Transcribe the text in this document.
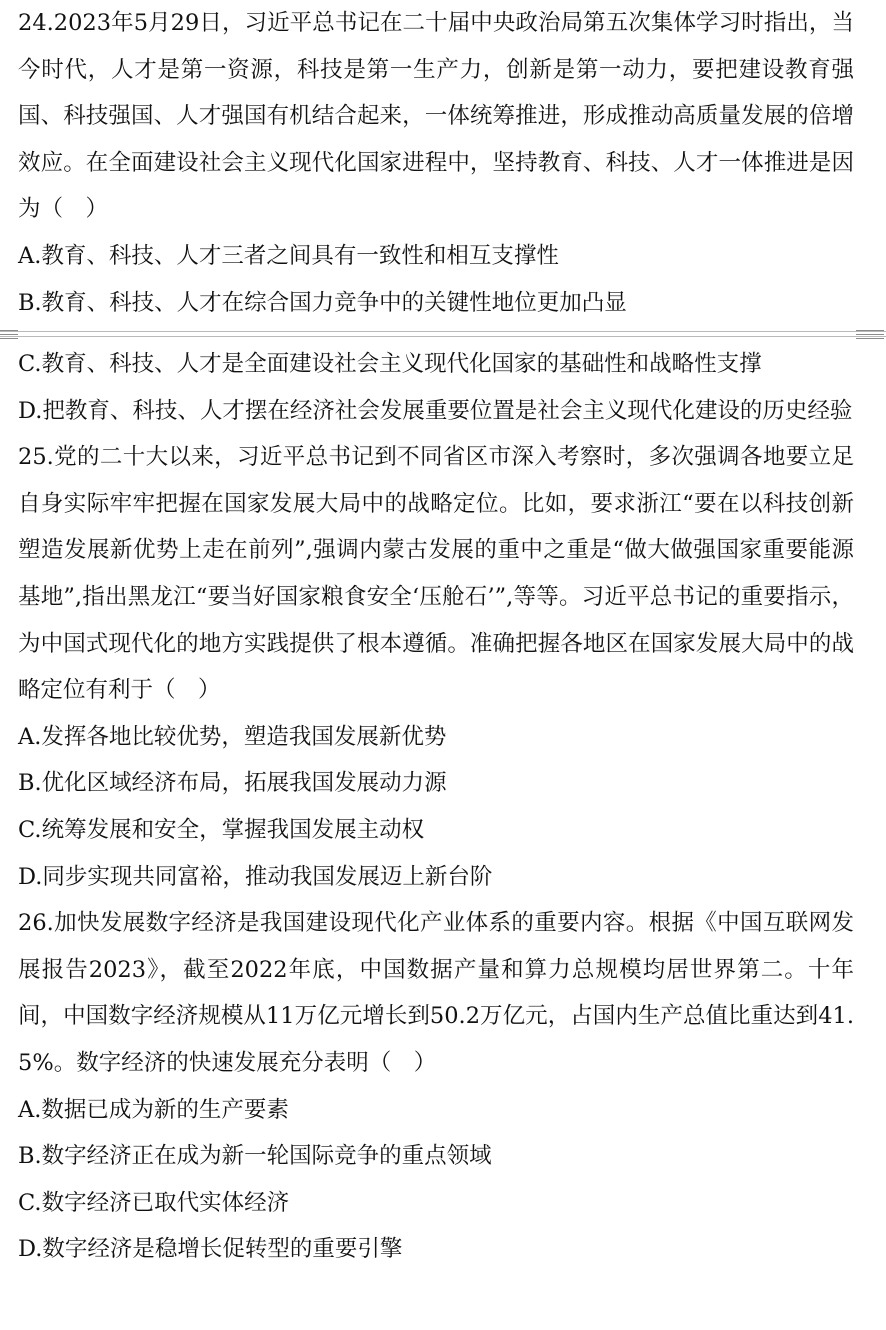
24.2023年5月29日，习近平总书记在二十届中央政治局第五次集体学习时指出，当今时代，人才是第一资源，科技是第一生产力，创新是第一动力，要把建设教育强国、科技强国、人才强国有机结合起来，一体统筹推进，形成推动高质量发展的倍增效应。在全面建设社会主义现代化国家进程中，坚持教育、科技、人才一体推进是因为（　）

A.教育、科技、人才三者之间具有一致性和相互支撑性

B.教育、科技、人才在综合国力竞争中的关键性地位更加凸显

C.教育、科技、人才是全面建设社会主义现代化国家的基础性和战略性支撑

D.把教育、科技、人才摆在经济社会发展重要位置是社会主义现代化建设的历史经验

25.党的二十大以来，习近平总书记到不同省区市深入考察时，多次强调各地要立足自身实际牢牢把握在国家发展大局中的战略定位。比如，要求浙江“要在以科技创新塑造发展新优势上走在前列”,强调内蒙古发展的重中之重是“做大做强国家重要能源基地”,指出黑龙江“要当好国家粮食安全‘压舱石’”,等等。习近平总书记的重要指示，为中国式现代化的地方实践提供了根本遵循。准确把握各地区在国家发展大局中的战略定位有利于（　）

A.发挥各地比较优势，塑造我国发展新优势

B.优化区域经济布局，拓展我国发展动力源

C.统筹发展和安全，掌握我国发展主动权

D.同步实现共同富裕，推动我国发展迈上新台阶

26.加快发展数字经济是我国建设现代化产业体系的重要内容。根据《中国互联网发展报告2023》，截至2022年底，中国数据产量和算力总规模均居世界第二。十年间，中国数字经济规模从11万亿元增长到50.2万亿元，占国内生产总值比重达到41.5%。数字经济的快速发展充分表明（　）

A.数据已成为新的生产要素

B.数字经济正在成为新一轮国际竞争的重点领域

C.数字经济已取代实体经济

D.数字经济是稳增长促转型的重要引擎
